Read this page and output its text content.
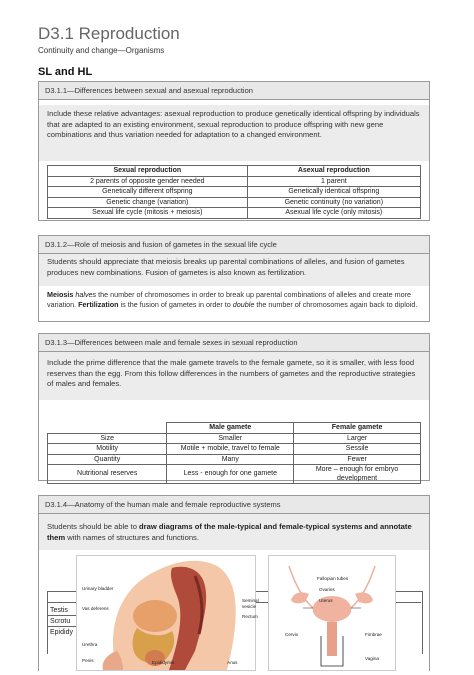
D3.1 Reproduction
Continuity and change—Organisms
SL and HL
D3.1.1—Differences between sexual and asexual reproduction

Include these relative advantages: asexual reproduction to produce genetically identical offspring by individuals that are adapted to an existing environment, sexual reproduction to produce offspring with new gene combinations and thus variation needed for adaptation to a changed environment.

Sexual reproduction	Asexual reproduction
2 parents of opposite gender needed	1 parent
Genetically different offspring	Genetically identical offspring
Genetic change (variation)	Genetic continuity (no variation)
Sexual life cycle (mitosis + meiosis)	Asexual life cycle (only mitosis)
D3.1.2—Role of meiosis and fusion of gametes in the sexual life cycle

Students should appreciate that meiosis breaks up parental combinations of alleles, and fusion of gametes produces new combinations. Fusion of gametes is also known as fertilization.

Meiosis halves the number of chromosomes in order to break up parental combinations of alleles and create more variation. Fertilization is the fusion of gametes in order to double the number of chromosomes again back to diploid.

D3.1.3—Differences between male and female sexes in sexual reproduction

Include the prime difference that the male gamete travels to the female gamete, so it is smaller, with less food reserves than the egg. From this follow differences in the numbers of gametes and the reproductive strategies of males and females.

	Male gamete	Female gamete
Size	Smaller	Larger
Motility	Motile + mobile, travel to female	Sessile
Quantity	Many	Fewer
Nutritional reserves	Less - enough for one gamete	More – enough for embryo development
D3.1.4—Anatomy of the human male and female reproductive systems

Students should be able to draw diagrams of the male-typical and female-typical systems and annotate them with names of structures and functions.

Testis
Scrotu
Epididy
Urinary bladder
Vas deferens
Urethra
Penis	Epididymis
Seminal
vesicle
Rectum
Anus
Fallopian tubes
Ovaries
Uterus
Cervix	Fimbrae
Vagina
